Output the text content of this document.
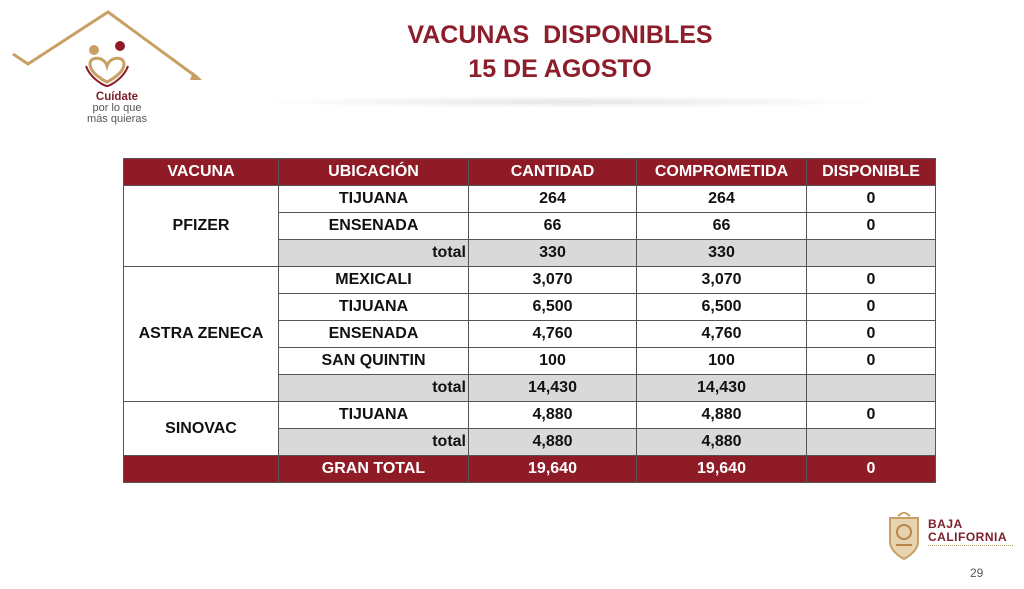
Cuídate
por lo que
más quieras
VACUNAS  DISPONIBLES
15 DE AGOSTO
VACUNA	UBICACIÓN	CANTIDAD	COMPROMETIDA	DISPONIBLE
PFIZER	TIJUANA	264	264	0
	ENSENADA	66	66	0
	total	330	330	
ASTRA ZENECA	MEXICALI	3,070	3,070	0
	TIJUANA	6,500	6,500	0
	ENSENADA	4,760	4,760	0
	SAN QUINTIN	100	100	0
	total	14,430	14,430	
SINOVAC	TIJUANA	4,880	4,880	0
	total	4,880	4,880	
	GRAN TOTAL	19,640	19,640	0
BAJA
CALIFORNIA
29
